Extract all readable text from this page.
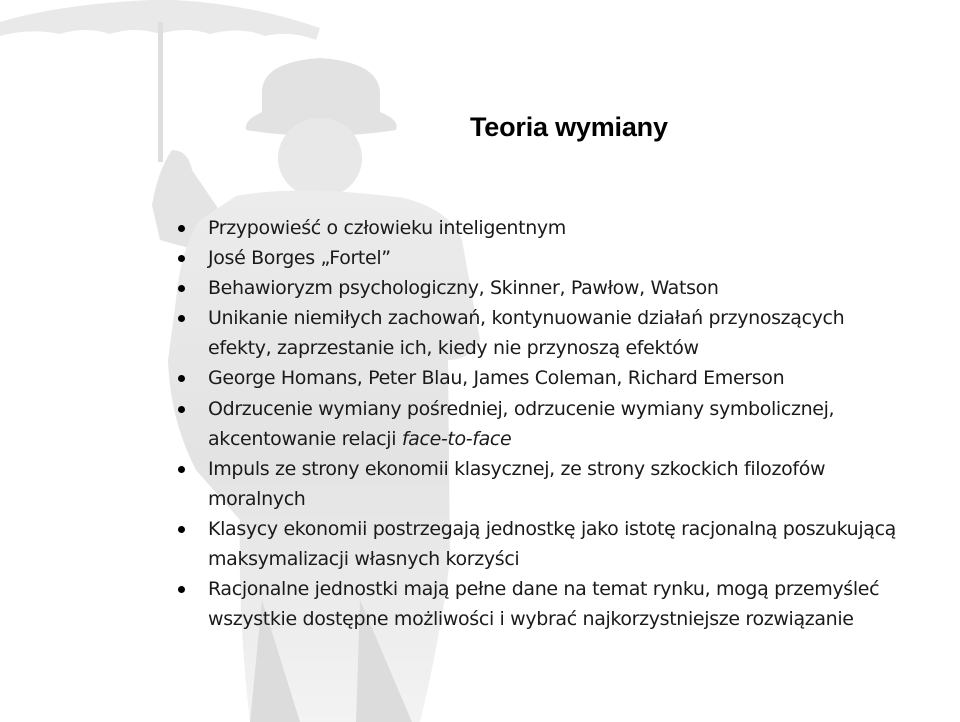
Teoria wymiany
Przypowieść o człowieku inteligentnym
José Borges „Fortel”
Behawioryzm psychologiczny, Skinner, Pawłow, Watson
Unikanie niemiłych zachowań, kontynuowanie działań przynoszących
efekty, zaprzestanie ich, kiedy nie przynoszą efektów
George Homans, Peter Blau, James Coleman, Richard Emerson
Odrzucenie wymiany pośredniej, odrzucenie wymiany symbolicznej,
akcentowanie relacji face-to-face
Impuls ze strony ekonomii klasycznej, ze strony szkockich filozofów
moralnych
Klasycy ekonomii postrzegają jednostkę jako istotę racjonalną poszukującą
maksymalizacji własnych korzyści
Racjonalne jednostki mają pełne dane na temat rynku, mogą przemyśleć
wszystkie dostępne możliwości i wybrać najkorzystniejsze rozwiązanie
